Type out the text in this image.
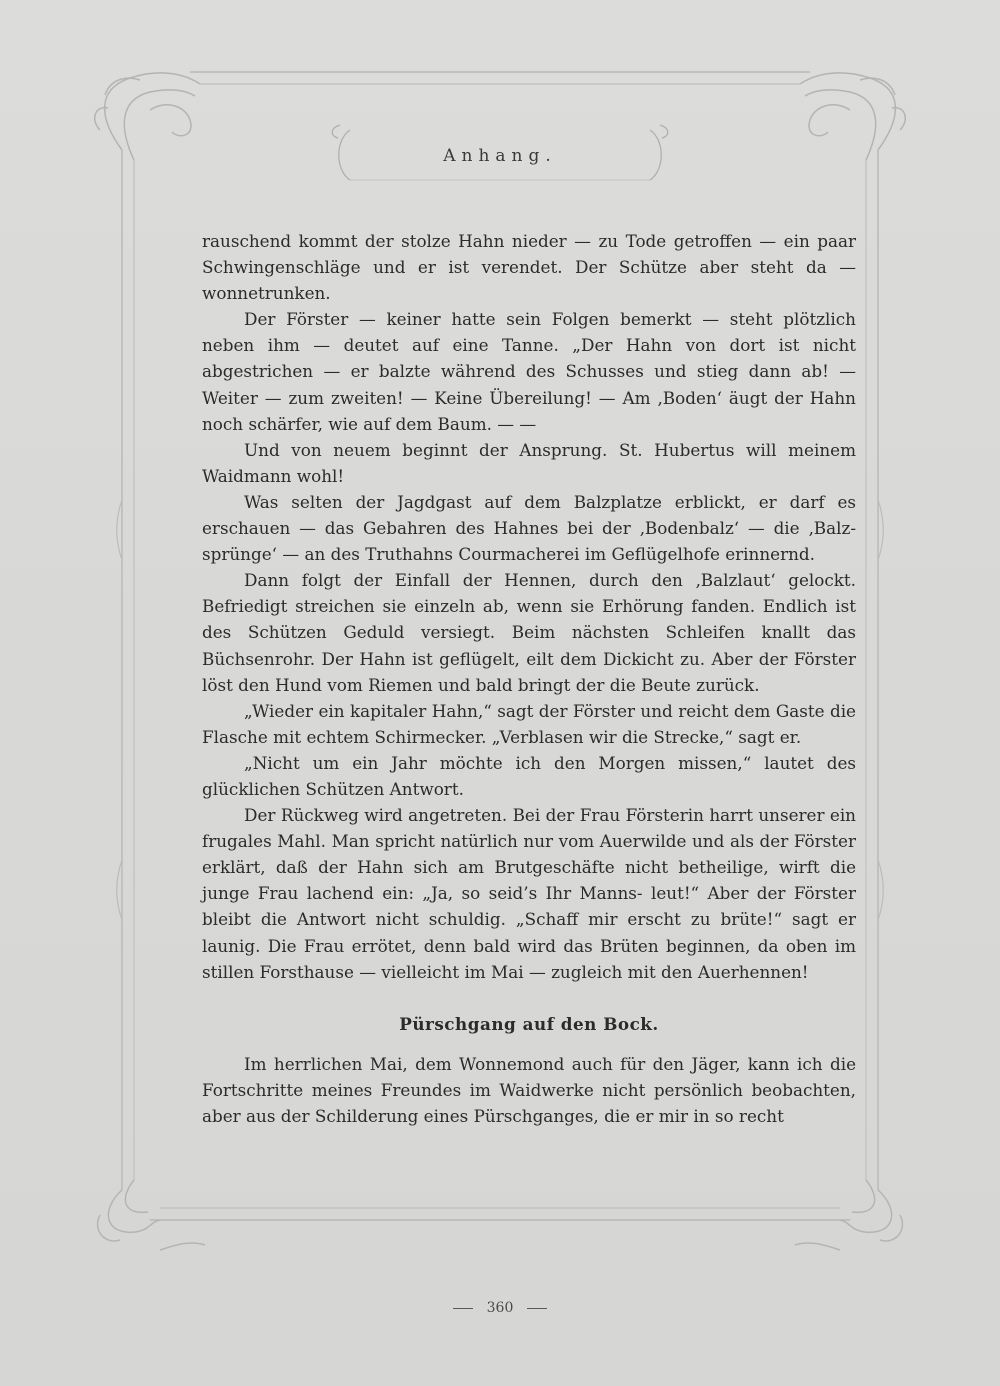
Anhang.

rauschend kommt der stolze Hahn nieder — zu Tode getroffen — ein paar Schwingenschläge und er ist verendet. Der Schütze aber steht da — wonnetrunken.

Der Förster — keiner hatte sein Folgen bemerkt — steht plötzlich neben ihm — deutet auf eine Tanne. „Der Hahn von dort ist nicht abgestrichen — er balzte während des Schusses und stieg dann ab! — Weiter — zum zweiten! — Keine Übereilung! — Am ‚Boden‘ äugt der Hahn noch schärfer, wie auf dem Baum. — —

Und von neuem beginnt der Ansprung. St. Hubertus will meinem Waidmann wohl!

Was selten der Jagdgast auf dem Balzplatze erblickt, er darf es erschauen — das Gebahren des Hahnes bei der ‚Bodenbalz‘ — die ‚Balz- sprünge‘ — an des Truthahns Courmacherei im Geflügelhofe erinnernd.

Dann folgt der Einfall der Hennen, durch den ‚Balzlaut‘ gelockt. Befriedigt streichen sie einzeln ab, wenn sie Erhörung fanden. Endlich ist des Schützen Geduld versiegt. Beim nächsten Schleifen knallt das Büchsenrohr. Der Hahn ist geflügelt, eilt dem Dickicht zu. Aber der Förster löst den Hund vom Riemen und bald bringt der die Beute zurück.

„Wieder ein kapitaler Hahn,“ sagt der Förster und reicht dem Gaste die Flasche mit echtem Schirmecker. „Verblasen wir die Strecke,“ sagt er.

„Nicht um ein Jahr möchte ich den Morgen missen,“ lautet des glücklichen Schützen Antwort.

Der Rückweg wird angetreten. Bei der Frau Försterin harrt unserer ein frugales Mahl. Man spricht natürlich nur vom Auerwilde und als der Förster erklärt, daß der Hahn sich am Brutgeschäfte nicht betheilige, wirft die junge Frau lachend ein: „Ja, so seid’s Ihr Manns- leut!“ Aber der Förster bleibt die Antwort nicht schuldig. „Schaff mir erscht zu brüte!“ sagt er launig. Die Frau errötet, denn bald wird das Brüten beginnen, da oben im stillen Forsthause — vielleicht im Mai — zugleich mit den Auerhennen!

Pürschgang auf den Bock.

Im herrlichen Mai, dem Wonnemond auch für den Jäger, kann ich die Fortschritte meines Freundes im Waidwerke nicht persönlich beobachten, aber aus der Schilderung eines Pürschganges, die er mir in so recht

360
